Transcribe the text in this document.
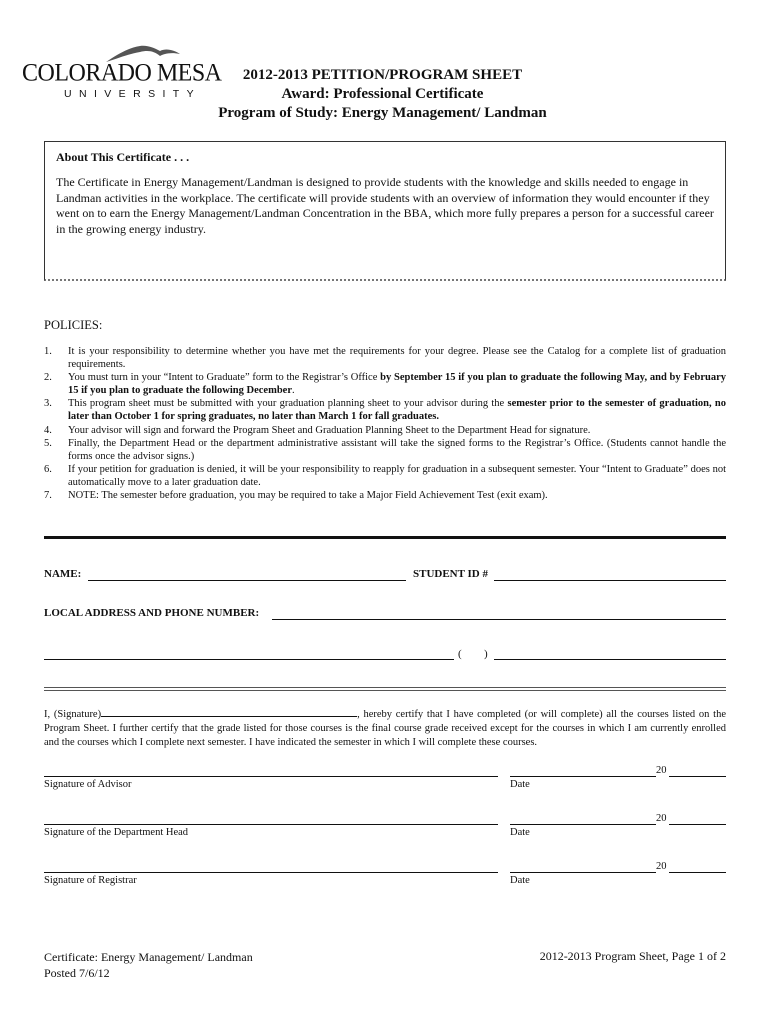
COLORADO MESA
UNIVERSITY
2012-2013 PETITION/PROGRAM SHEET
Award: Professional Certificate
Program of Study: Energy Management/ Landman
About This Certificate . . .
The Certificate in Energy Management/Landman is designed to provide students with the knowledge and skills needed to engage in Landman activities in the workplace. The certificate will provide students with an overview of information they would encounter if they went on to earn the Energy Management/Landman Concentration in the BBA, which more fully prepares a person for a successful career in the growing energy industry.
POLICIES:
1.	It is your responsibility to determine whether you have met the requirements for your degree. Please see the Catalog for a complete list of graduation requirements.
2.	You must turn in your “Intent to Graduate” form to the Registrar’s Office by September 15 if you plan to graduate the following May, and by February 15 if you plan to graduate the following December.
3.	This program sheet must be submitted with your graduation planning sheet to your advisor during the semester prior to the semester of graduation, no later than October 1 for spring graduates, no later than March 1 for fall graduates.
4.	Your advisor will sign and forward the Program Sheet and Graduation Planning Sheet to the Department Head for signature.
5.	Finally, the Department Head or the department administrative assistant will take the signed forms to the Registrar’s Office. (Students cannot handle the forms once the advisor signs.)
6.	If your petition for graduation is denied, it will be your responsibility to reapply for graduation in a subsequent semester. Your “Intent to Graduate” does not automatically move to a later graduation date.
7.	NOTE: The semester before graduation, you may be required to take a Major Field Achievement Test (exit exam).
NAME:	STUDENT ID #
LOCAL ADDRESS AND PHONE NUMBER:
( )
I, (Signature)	, hereby certify that I have completed (or will complete) all the courses listed on the Program Sheet. I further certify that the grade listed for those courses is the final course grade received except for the courses in which I am currently enrolled and the courses which I complete next semester. I have indicated the semester in which I will complete these courses.
20
Signature of Advisor	Date
20
Signature of the Department Head	Date
20
Signature of Registrar	Date
Certificate: Energy Management/ Landman
Posted 7/6/12
2012-2013 Program Sheet, Page 1 of 2
